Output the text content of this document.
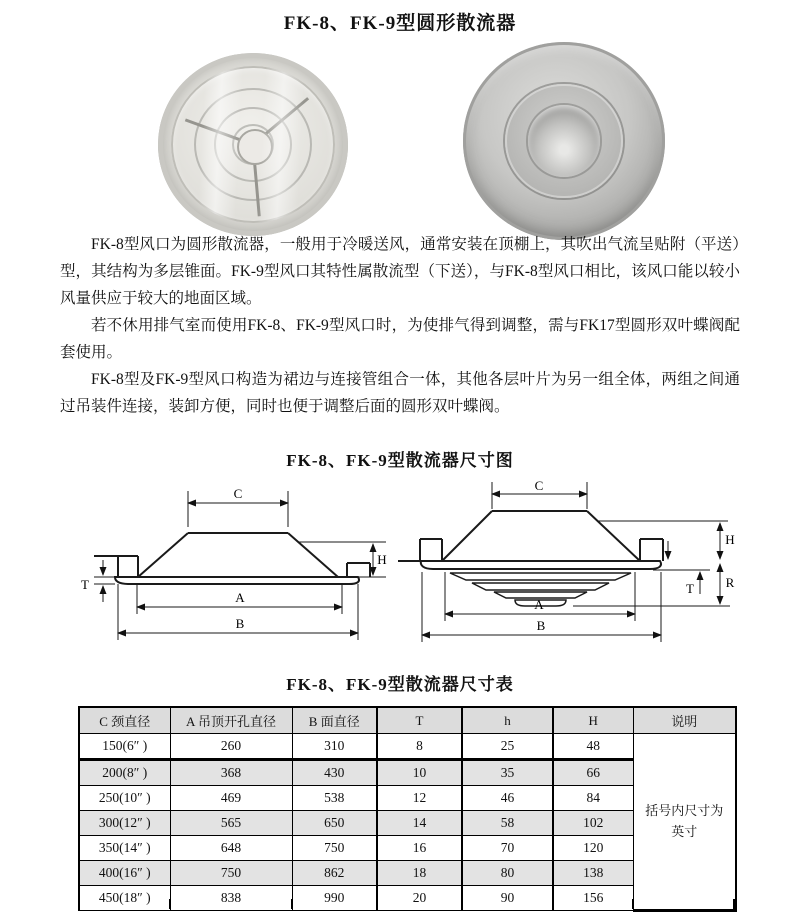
FK-8、FK-9型圆形散流器

FK-8型风口为圆形散流器，一般用于冷暖送风，通常安装在顶棚上，其吹出气流呈贴附（平送）型，其结构为多层锥面。FK-9型风口其特性属散流型（下送），与FK-8型风口相比，该风口能以较小风量供应于较大的地面区域。

若不休用排气室而使用FK-8、FK-9型风口时，为使排气得到调整，需与FK17型圆形双叶蝶阀配套使用。

FK-8型及FK-9型风口构造为裙边与连接管组合一体，其他各层叶片为另一组全体，两组之间通过吊装件连接，装卸方便，同时也便于调整后面的圆形双叶蝶阀。

FK-8、FK-9型散流器尺寸图
C
H
T
A
B
C
H
R
T
A
B
FK-8、FK-9型散流器尺寸表
C 颈直径	A 吊顶开孔直径	B 面直径	T	h	H	说明
150(6″ )	260	310	8	25	48	括号内尺寸为英寸
200(8″ )	368	430	10	35	66	
250(10″ )	469	538	12	46	84	
300(12″ )	565	650	14	58	102	
350(14″ )	648	750	16	70	120	
400(16″ )	750	862	18	80	138	
450(18″ )	838	990	20	90	156	
